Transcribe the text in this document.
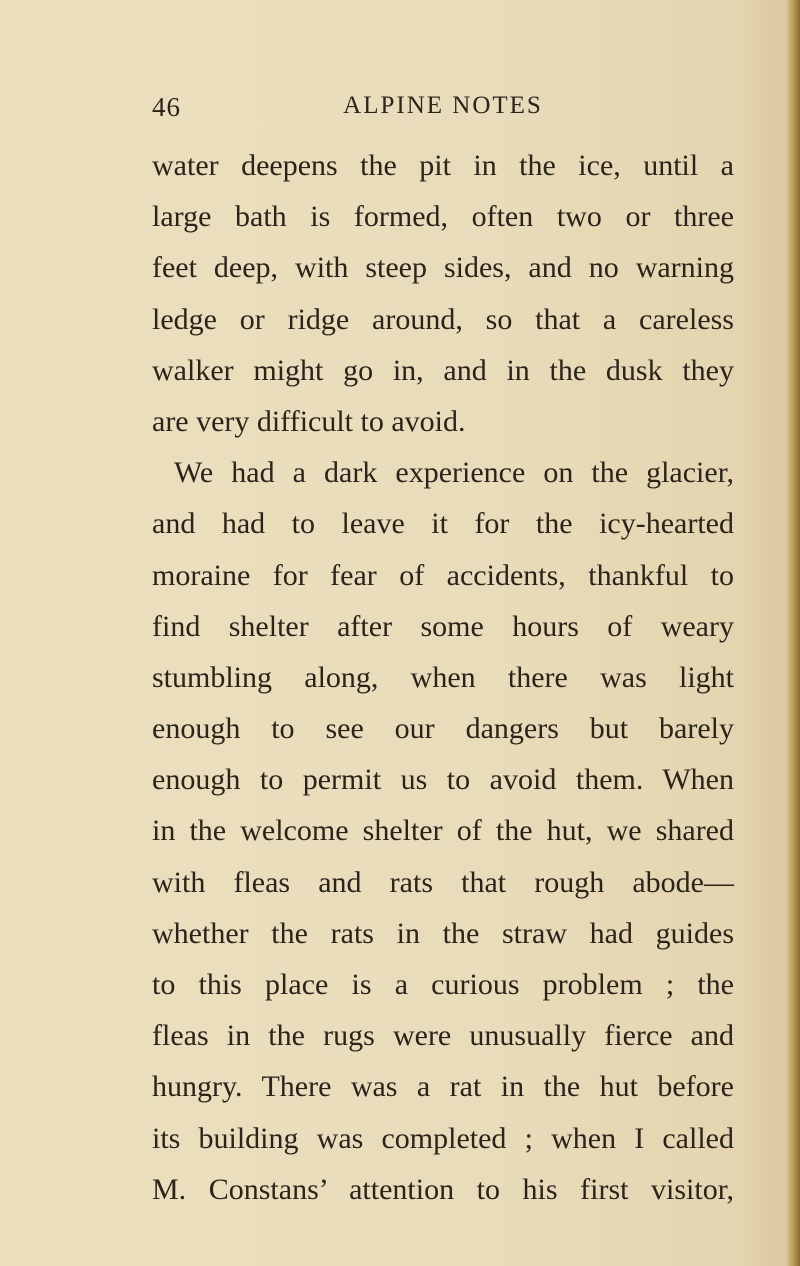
46	ALPINE NOTES
water deepens the pit in the ice, until a
large bath is formed, often two or three
feet deep, with steep sides, and no warning
ledge or ridge around, so that a careless
walker might go in, and in the dusk they
are very difficult to avoid.
We had a dark experience on the glacier,
and had to leave it for the icy-hearted
moraine for fear of accidents, thankful to
find shelter after some hours of weary
stumbling along, when there was light
enough to see our dangers but barely
enough to permit us to avoid them. When
in the welcome shelter of the hut, we shared
with fleas and rats that rough abode—
whether the rats in the straw had guides
to this place is a curious problem ; the
fleas in the rugs were unusually fierce and
hungry. There was a rat in the hut before
its building was completed ; when I called
M. Constans’ attention to his first visitor,
